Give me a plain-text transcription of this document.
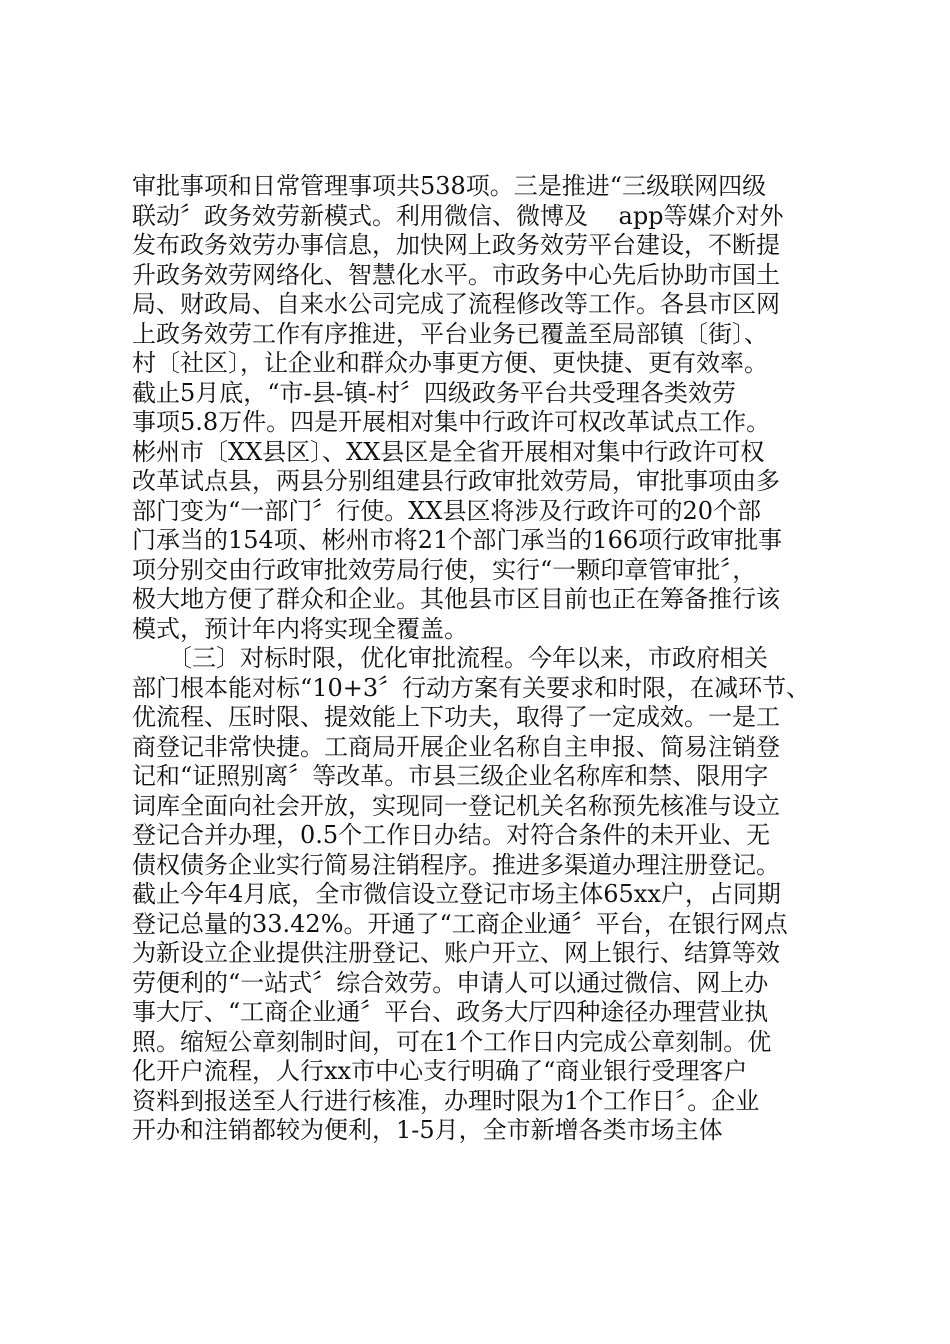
审批事项和日常管理事项共538项。三是推进“三级联网四级
联动〞政务效劳新模式。利用微信、微博及    app等媒介对外
发布政务效劳办事信息，加快网上政务效劳平台建设，不断提
升政务效劳网络化、智慧化水平。市政务中心先后协助市国土
局、财政局、自来水公司完成了流程修改等工作。各县市区网
上政务效劳工作有序推进，平台业务已覆盖至局部镇〔街〕、
村〔社区〕，让企业和群众办事更方便、更快捷、更有效率。
截止5月底，“市-县-镇-村〞四级政务平台共受理各类效劳
事项5.8万件。四是开展相对集中行政许可权改革试点工作。
彬州市〔XX县区〕、XX县区是全省开展相对集中行政许可权
改革试点县，两县分别组建县行政审批效劳局，审批事项由多
部门变为“一部门〞行使。XX县区将涉及行政许可的20个部
门承当的154项、彬州市将21个部门承当的166项行政审批事
项分别交由行政审批效劳局行使，实行“一颗印章管审批〞，
极大地方便了群众和企业。其他县市区目前也正在筹备推行该
模式，预计年内将实现全覆盖。
　　〔三〕对标时限，优化审批流程。今年以来，市政府相关
部门根本能对标“10+3〞行动方案有关要求和时限，在减环节、
优流程、压时限、提效能上下功夫，取得了一定成效。一是工
商登记非常快捷。工商局开展企业名称自主申报、简易注销登
记和“证照别离〞等改革。市县三级企业名称库和禁、限用字
词库全面向社会开放，实现同一登记机关名称预先核准与设立
登记合并办理，0.5个工作日办结。对符合条件的未开业、无
债权债务企业实行简易注销程序。推进多渠道办理注册登记。
截止今年4月底，全市微信设立登记市场主体65xx户，占同期
登记总量的33.42%。开通了“工商企业通〞平台，在银行网点
为新设立企业提供注册登记、账户开立、网上银行、结算等效
劳便利的“一站式〞综合效劳。申请人可以通过微信、网上办
事大厅、“工商企业通〞平台、政务大厅四种途径办理营业执
照。缩短公章刻制时间，可在1个工作日内完成公章刻制。优
化开户流程，人行xx市中心支行明确了“商业银行受理客户
资料到报送至人行进行核准，办理时限为1个工作日〞。企业
开办和注销都较为便利，1-5月，全市新增各类市场主体
